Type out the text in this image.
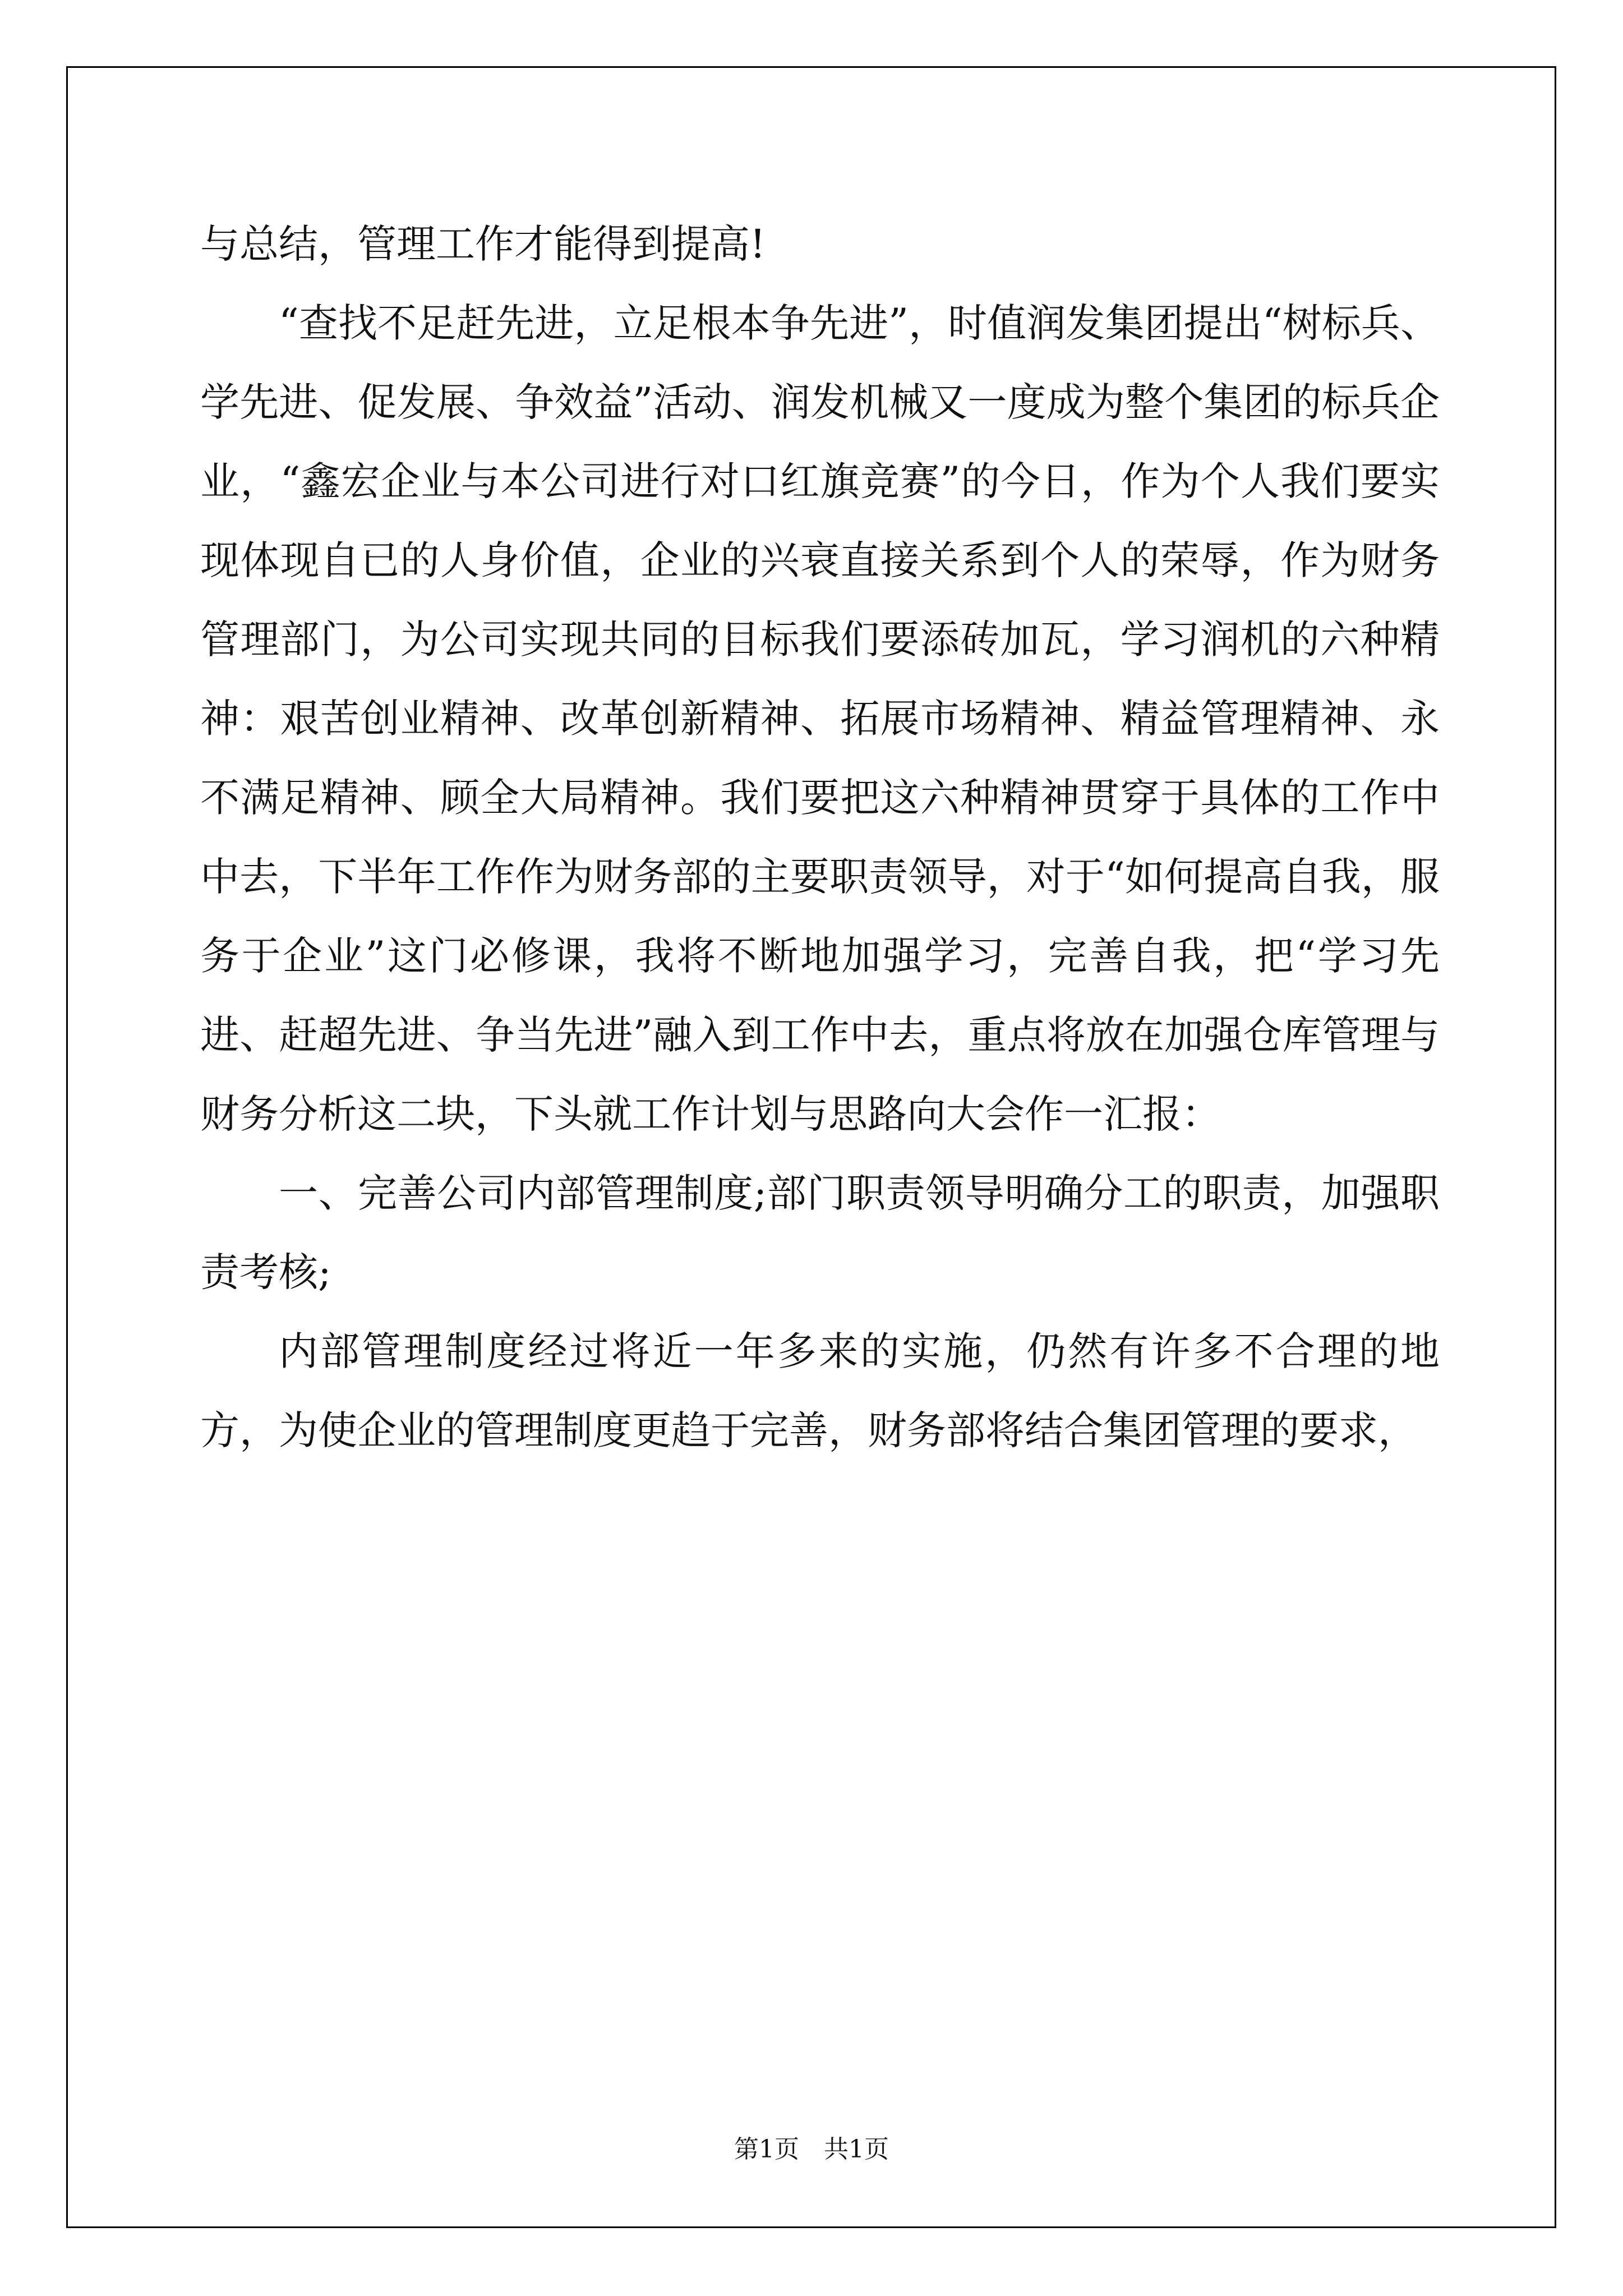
与总结，管理工作才能得到提高!

“查找不足赶先进，立足根本争先进”，时值润发集团提出“树标兵、学先进、促发展、争效益”活动、润发机械又一度成为整个集团的标兵企业，“鑫宏企业与本公司进行对口红旗竞赛”的今日，作为个人我们要实现体现自已的人身价值，企业的兴衰直接关系到个人的荣辱，作为财务管理部门，为公司实现共同的目标我们要添砖加瓦，学习润机的六种精神：艰苦创业精神、改革创新精神、拓展市场精神、精益管理精神、永不满足精神、顾全大局精神。我们要把这六种精神贯穿于具体的工作中中去，下半年工作作为财务部的主要职责领导，对于“如何提高自我，服务于企业”这门必修课，我将不断地加强学习，完善自我，把“学习先进、赶超先进、争当先进”融入到工作中去，重点将放在加强仓库管理与财务分析这二块，下头就工作计划与思路向大会作一汇报：

一、完善公司内部管理制度;部门职责领导明确分工的职责，加强职责考核;

内部管理制度经过将近一年多来的实施，仍然有许多不合理的地方，为使企业的管理制度更趋于完善，财务部将结合集团管理的要求，

第1页　共1页
